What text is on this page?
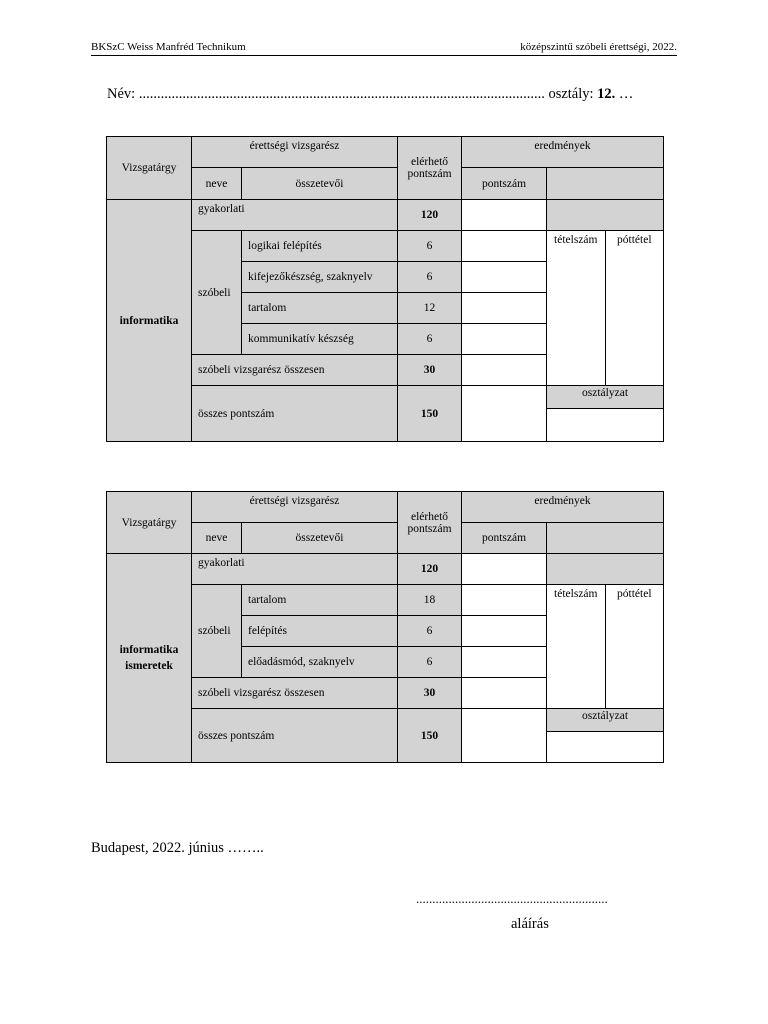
BKSzC Weiss Manfréd Technikum	középszintű szóbeli érettségi, 2022.
Név: ................................................................................................................ osztály: 12. …
Vizsgatárgy	érettségi vizsgarész		elérhető pontszám	eredmények	
	neve	összetevői		pontszám	
informatika	gyakorlati		120		
	szóbeli	logikai felépítés	6		tételszám póttétel

		kifejezőkészség, szaknyelv	6		
		tartalom	12		
		kommunikatív készség	6		
	szóbeli vizsgarész összesen		30		
	összes pontszám		150		osztályzat
Vizsgatárgy	érettségi vizsgarész		elérhető pontszám	eredmények	
	neve	összetevői		pontszám	

informatika
ismeretek	gyakorlati		120		
	szóbeli	tartalom	18		tételszám póttétel

		felépítés	6		
		előadásmód, szaknyelv	6		
	szóbeli vizsgarész összesen		30		
	összes pontszám		150		osztályzat
Budapest, 2022. június ……..
...........................................................
aláírás
